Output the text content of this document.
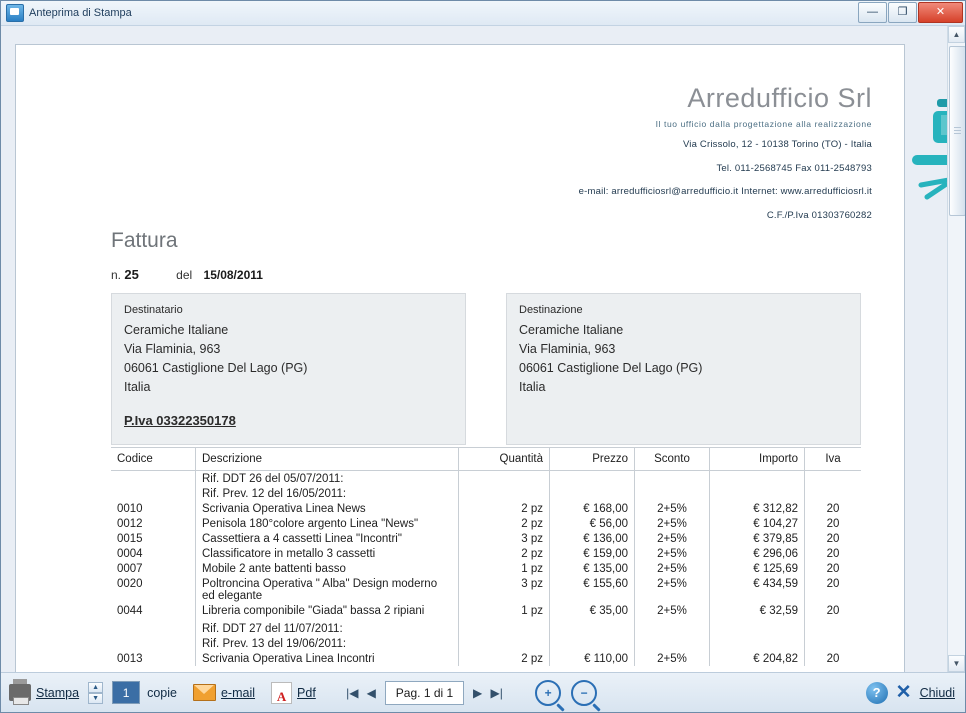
Anteprima di Stampa	—	❐	✕
Arredufficio Srl
Il tuo ufficio dalla progettazione alla realizzazione
Via Crissolo, 12 - 10138 Torino (TO) - Italia
Tel. 011-2568745 Fax 011-2548793
e-mail: arredufficiosrl@arredufficio.it Internet: www.arredufficiosrl.it
C.F./P.Iva 01303760282
Fattura
n. 25	del 15/08/2011
Destinatario
Ceramiche Italiane
Via Flaminia, 963
06061 Castiglione Del Lago (PG)
Italia
P.Iva 03322350178
Destinazione
Ceramiche Italiane
Via Flaminia, 963
06061 Castiglione Del Lago (PG)
Italia
Codice	Descrizione	Quantità	Prezzo	Sconto	Importo	Iva
	Rif. DDT 26 del 05/07/2011:					
	Rif. Prev. 12 del 16/05/2011:					
0010	Scrivania Operativa Linea News	2 pz	€ 168,00	2+5%	€ 312,82	20
0012	Penisola 180°colore argento Linea "News"	2 pz	€ 56,00	2+5%	€ 104,27	20
0015	Cassettiera a 4 cassetti Linea "Incontri"	3 pz	€ 136,00	2+5%	€ 379,85	20
0004	Classificatore in metallo 3 cassetti	2 pz	€ 159,00	2+5%	€ 296,06	20
0007	Mobile 2 ante battenti basso	1 pz	€ 135,00	2+5%	€ 125,69	20
0020	Poltroncina Operativa " Alba" Design moderno ed elegante	3 pz	€ 155,60	2+5%	€ 434,59	20
0044	Libreria componibile "Giada" bassa 2 ripiani	1 pz	€ 35,00	2+5%	€ 32,59	20

	Rif. DDT 27 del 11/07/2011:					
	Rif. Prev. 13 del 19/06/2011:					
0013	Scrivania Operativa Linea Incontri	2 pz	€ 110,00	2+5%	€ 204,82	20
▲
▼
Stampa	▲
▼	1	copie	e-mail A Pdf	|◀ ◀	Pag. 1 di 1	▶ ▶|	+	−	? ✕ Chiudi
